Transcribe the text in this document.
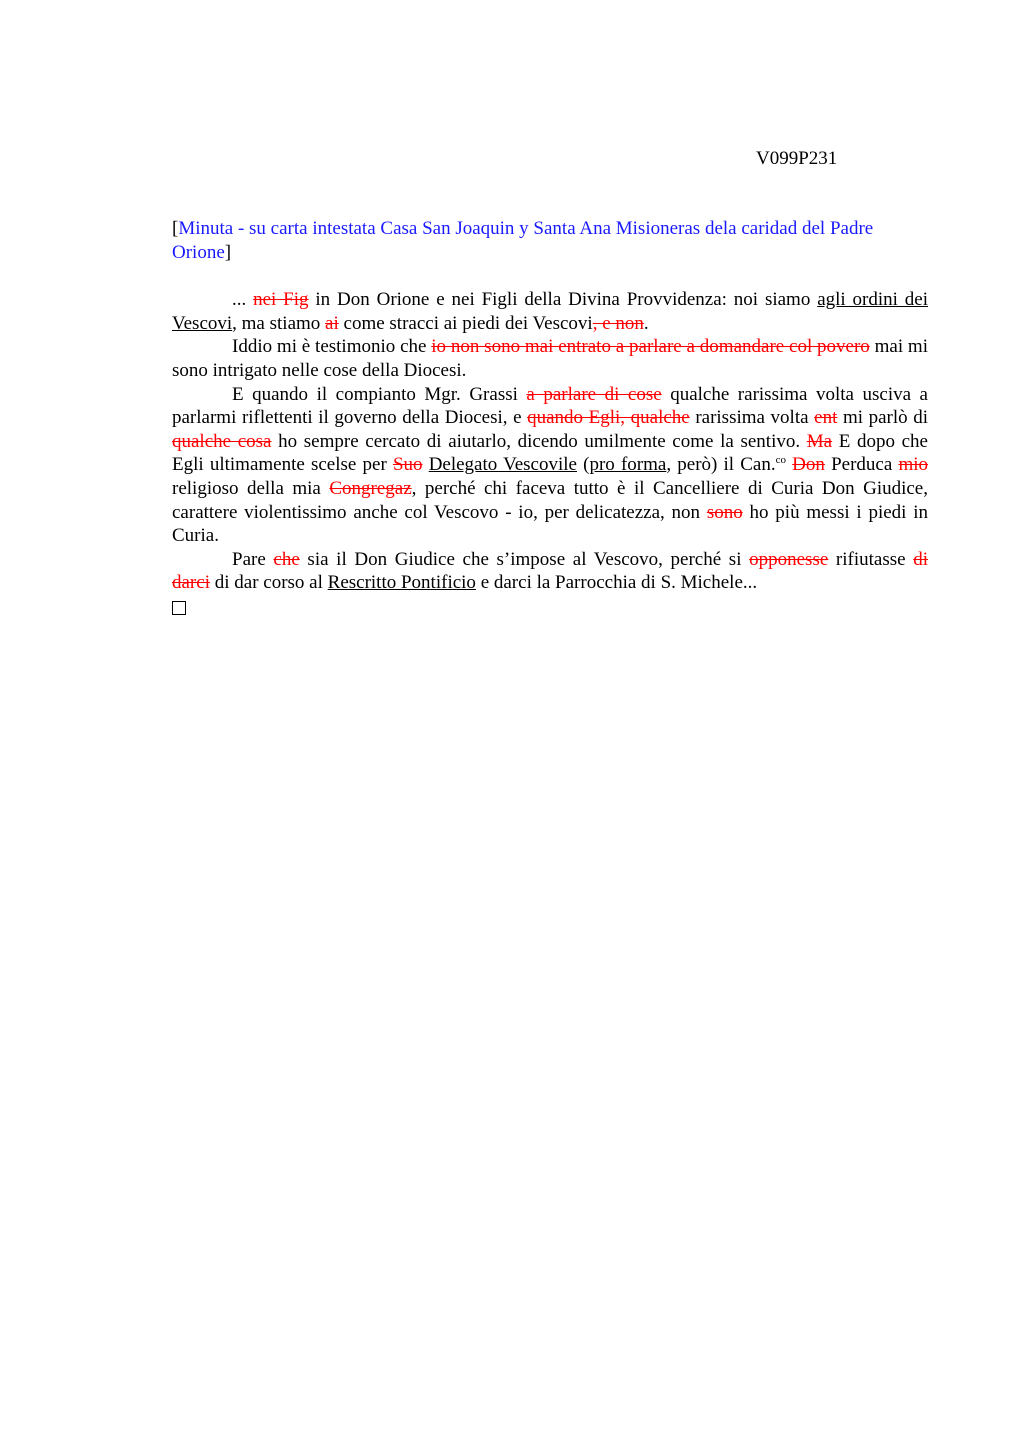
V099P231

[Minuta - su carta intestata Casa San Joaquin y Santa Ana Misioneras dela caridad del Padre Orione]

... nei Fig in Don Orione e nei Figli della Divina Provvidenza: noi siamo agli ordini dei Vescovi, ma stiamo ai come stracci ai piedi dei Vescovi, e non.

Iddio mi è testimonio che io non sono mai entrato a parlare a domandare col povero mai mi sono intrigato nelle cose della Diocesi.

E quando il compianto Mgr. Grassi a parlare di cose qualche rarissima volta usciva a parlarmi riflettenti il governo della Diocesi, e quando Egli, qualche rarissima volta ent mi parlò di qualche cosa ho sempre cercato di aiutarlo, dicendo umilmente come la sentivo. Ma E dopo che Egli ultimamente scelse per Suo Delegato Vescovile (pro forma, però) il Can.$^{co}$ Don Perduca mio religioso della mia Congregaz, perché chi faceva tutto è il Cancelliere di Curia Don Giudice, carattere violentissimo anche col Vescovo - io, per delicatezza, non sono ho più messi i piedi in Curia.

Pare che sia il Don Giudice che s’impose al Vescovo, perché si opponesse rifiutasse di darci di dar corso al Rescritto Pontificio e darci la Parrocchia di S. Michele...
